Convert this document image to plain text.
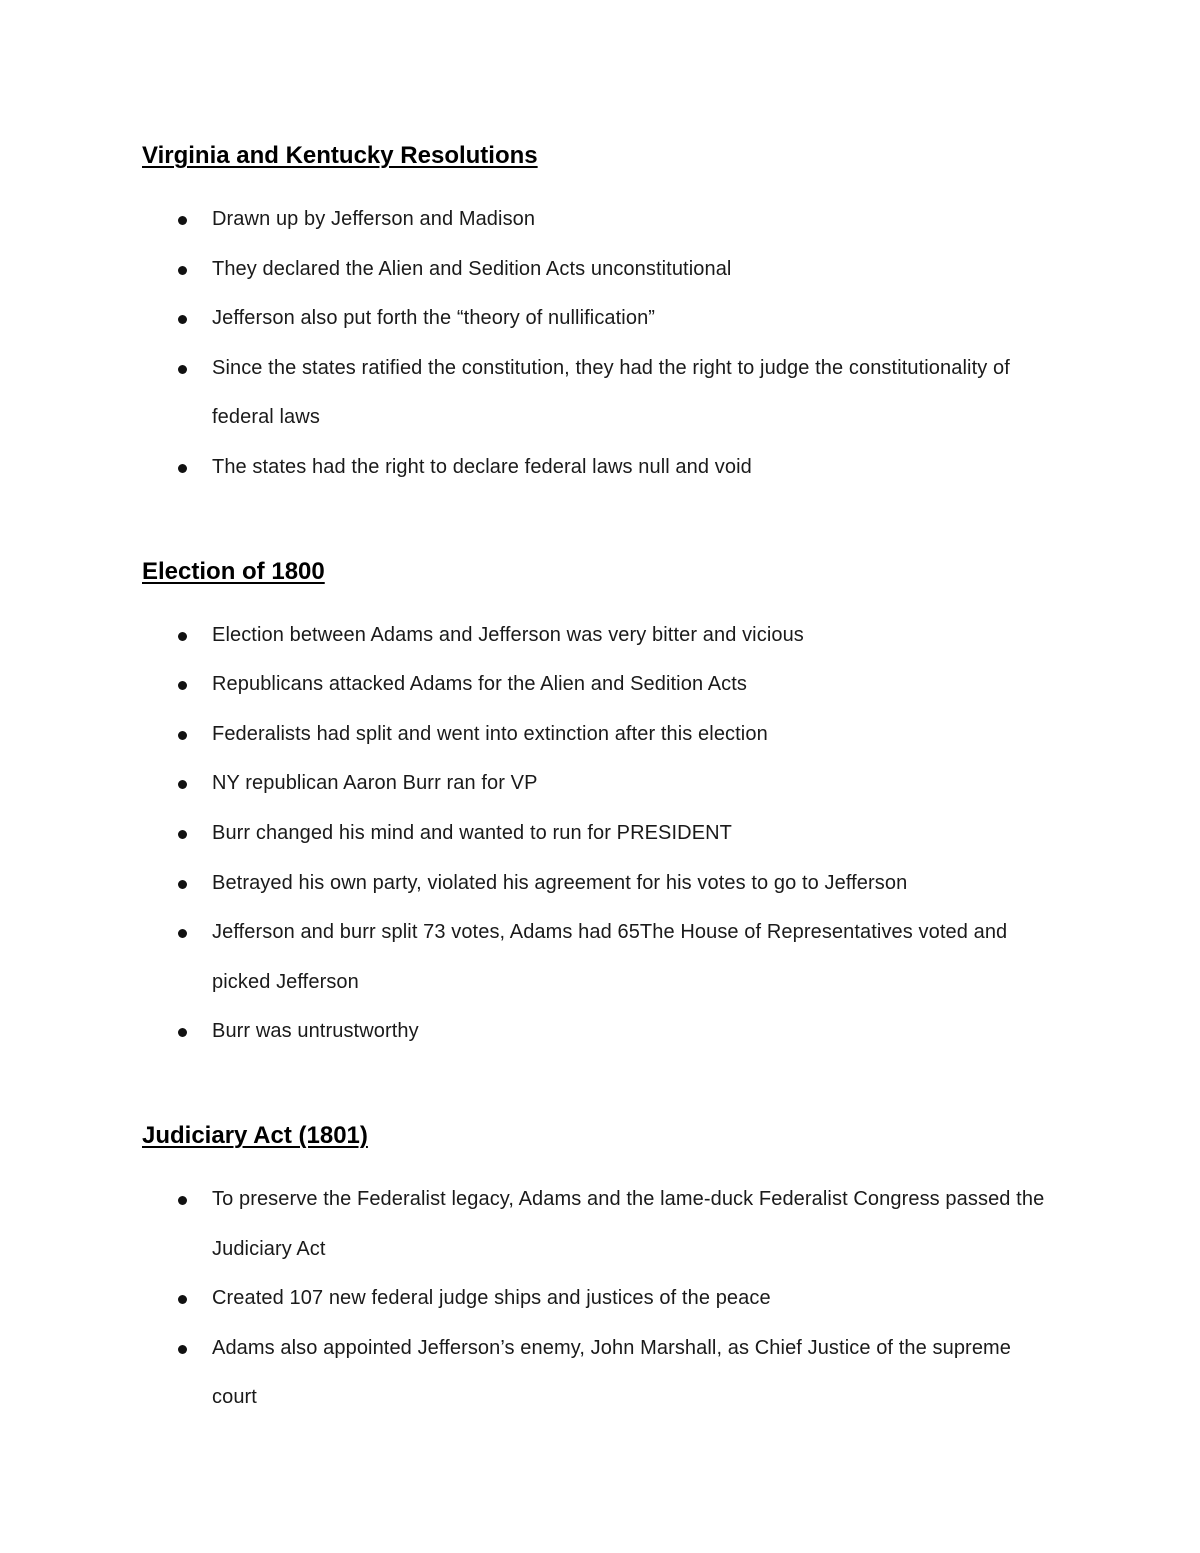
Virginia and Kentucky Resolutions
Drawn up by Jefferson and Madison
They declared the Alien and Sedition Acts unconstitutional
Jefferson also put forth the “theory of nullification”
Since the states ratified the constitution, they had the right to judge the constitutionality of federal laws
The states had the right to declare federal laws null and void
Election of 1800
Election between Adams and Jefferson was very bitter and vicious
Republicans attacked Adams for the Alien and Sedition Acts
Federalists had split and went into extinction after this election
NY republican Aaron Burr ran for VP
Burr changed his mind and wanted to run for PRESIDENT
Betrayed his own party, violated his agreement for his votes to go to Jefferson
Jefferson and burr split 73 votes, Adams had 65The House of Representatives voted and picked Jefferson
Burr was untrustworthy
Judiciary Act (1801)
To preserve the Federalist legacy, Adams and the lame-duck Federalist Congress passed the Judiciary Act
Created 107 new federal judge ships and justices of the peace
Adams also appointed Jefferson’s enemy, John Marshall, as Chief Justice of the supreme court
